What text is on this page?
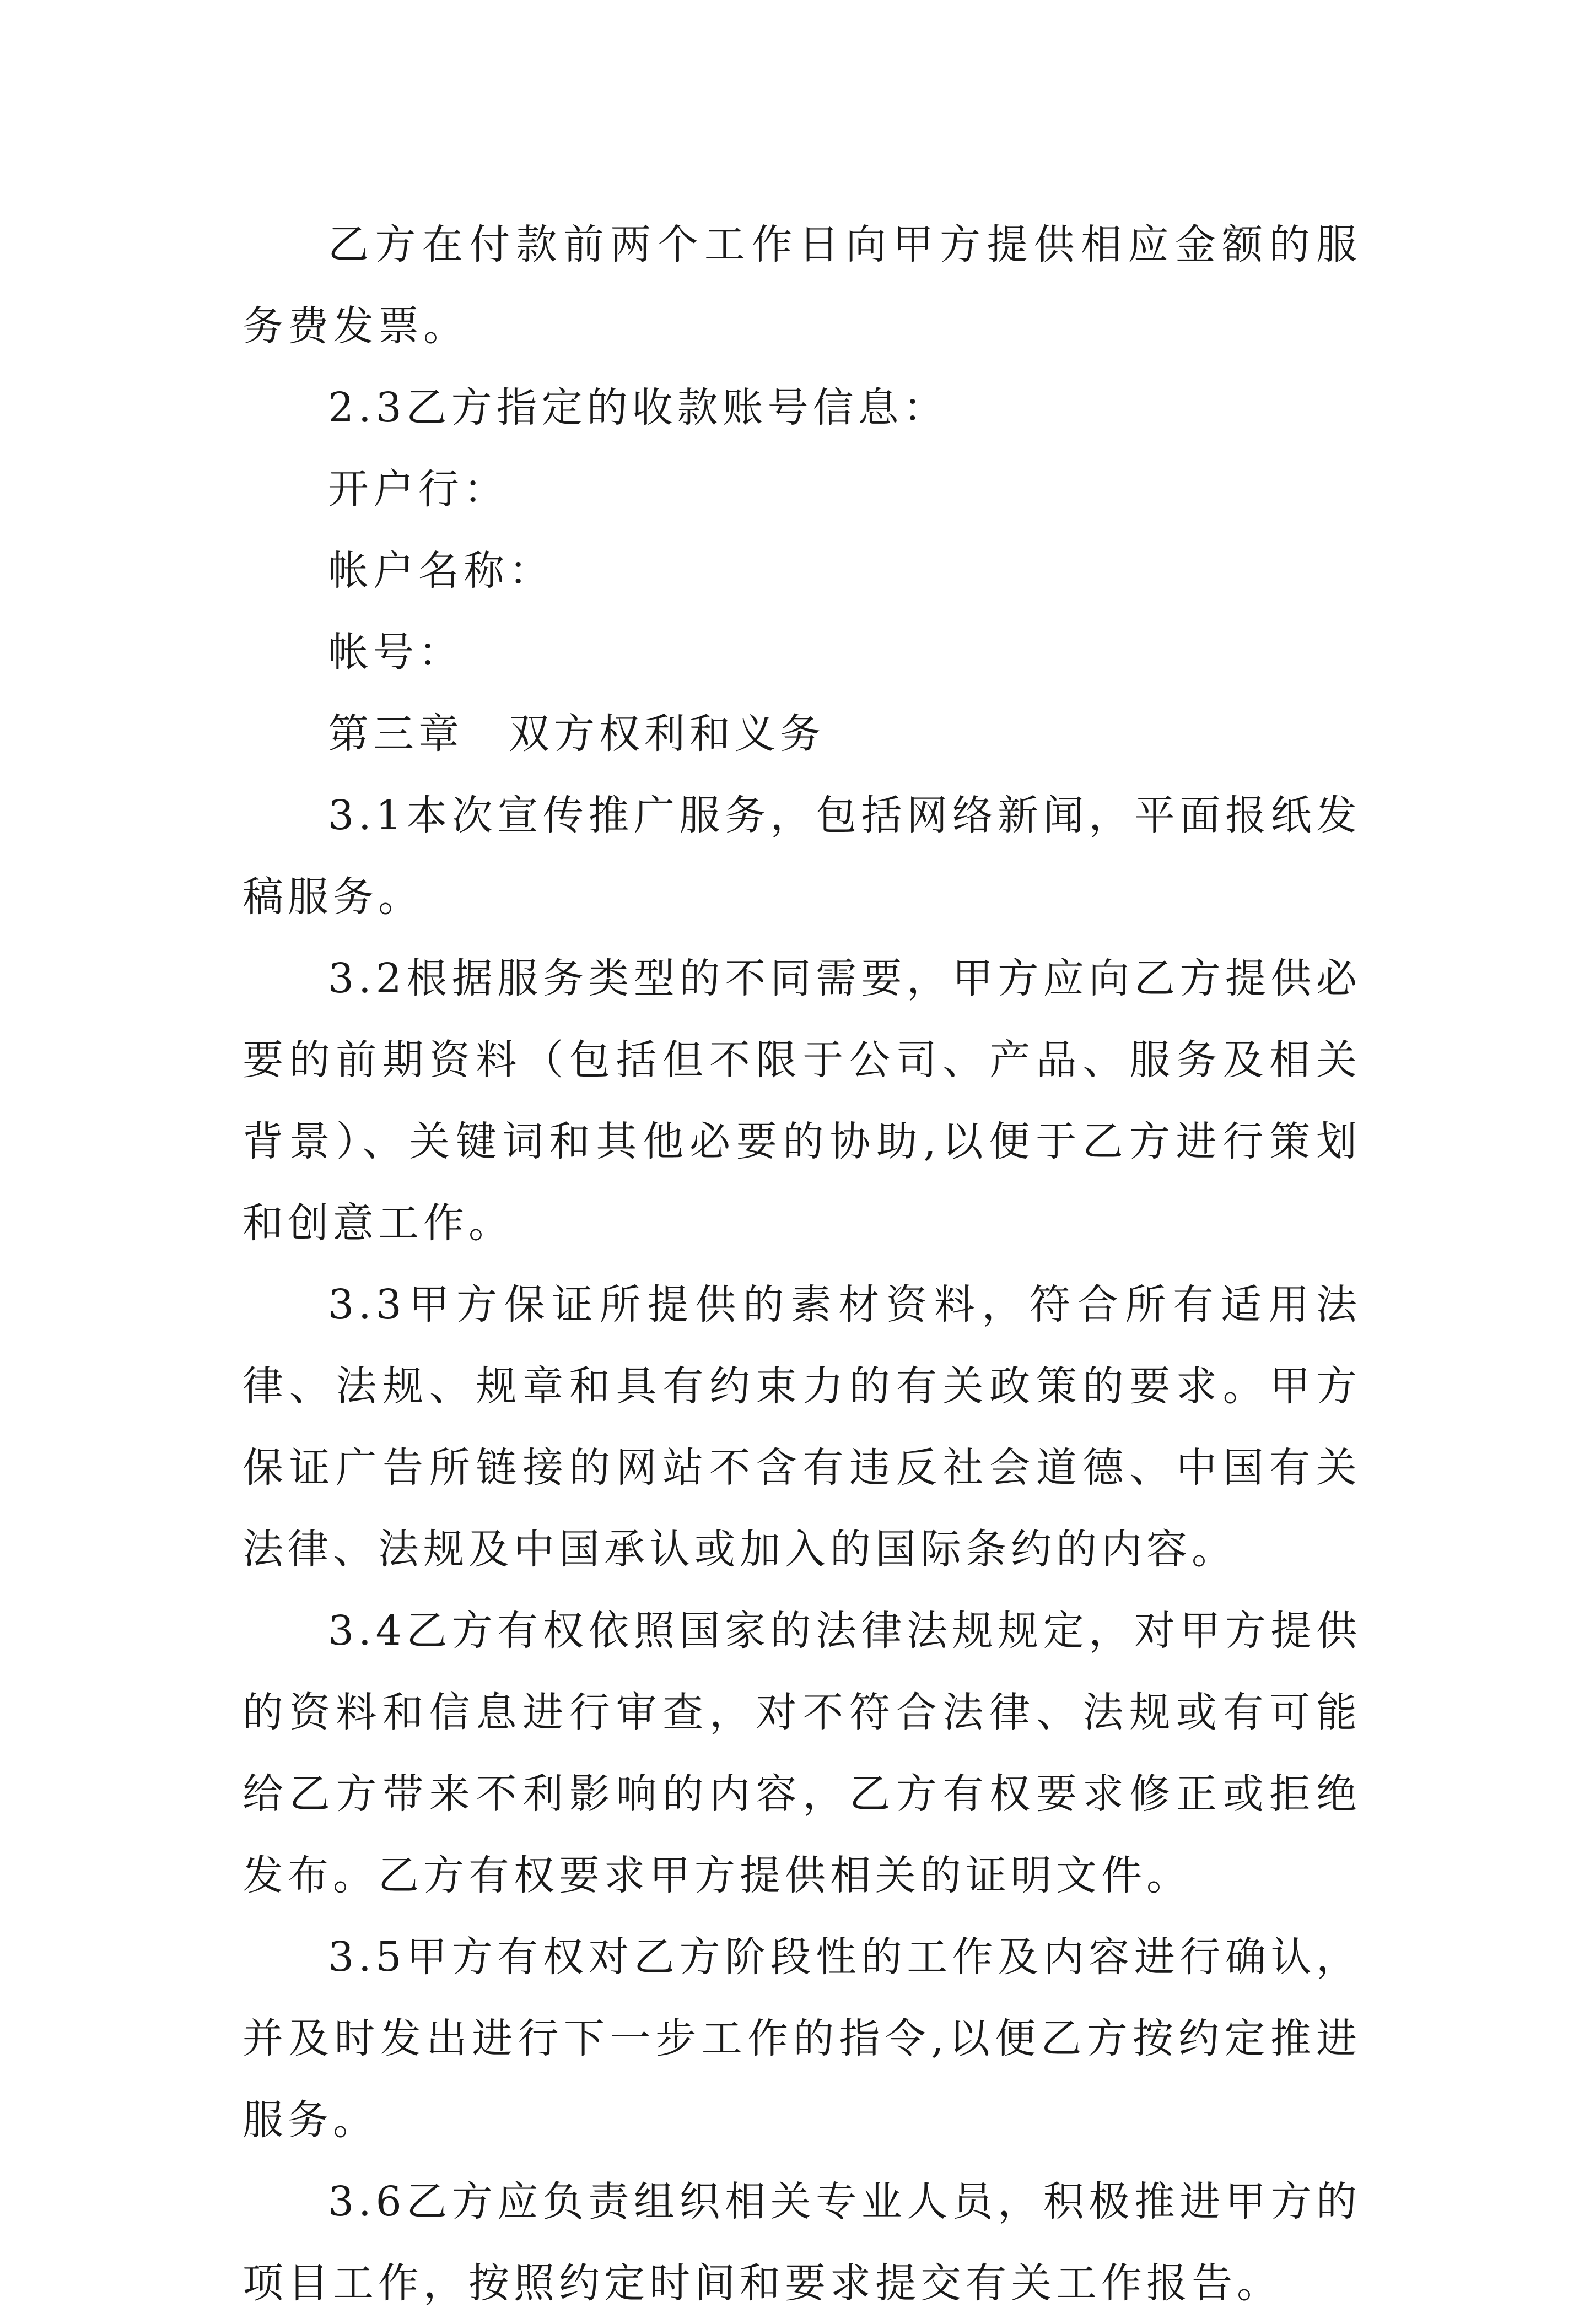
乙方在付款前两个工作日向甲方提供相应金额的服务费发票。

2.3乙方指定的收款账号信息：

开户行：

帐户名称：

帐号：

第三章　双方权利和义务

3.1本次宣传推广服务，包括网络新闻，平面报纸发稿服务。

3.2根据服务类型的不同需要，甲方应向乙方提供必要的前期资料（包括但不限于公司、产品、服务及相关背景）、关键词和其他必要的协助,以便于乙方进行策划和创意工作。

3.3甲方保证所提供的素材资料，符合所有适用法律、法规、规章和具有约束力的有关政策的要求。甲方保证广告所链接的网站不含有违反社会道德、中国有关法律、法规及中国承认或加入的国际条约的内容。

3.4乙方有权依照国家的法律法规规定，对甲方提供的资料和信息进行审查，对不符合法律、法规或有可能给乙方带来不利影响的内容，乙方有权要求修正或拒绝发布。乙方有权要求甲方提供相关的证明文件。

3.5甲方有权对乙方阶段性的工作及内容进行确认，并及时发出进行下一步工作的指令,以便乙方按约定推进服务。

3.6乙方应负责组织相关专业人员，积极推进甲方的项目工作，按照约定时间和要求提交有关工作报告。
